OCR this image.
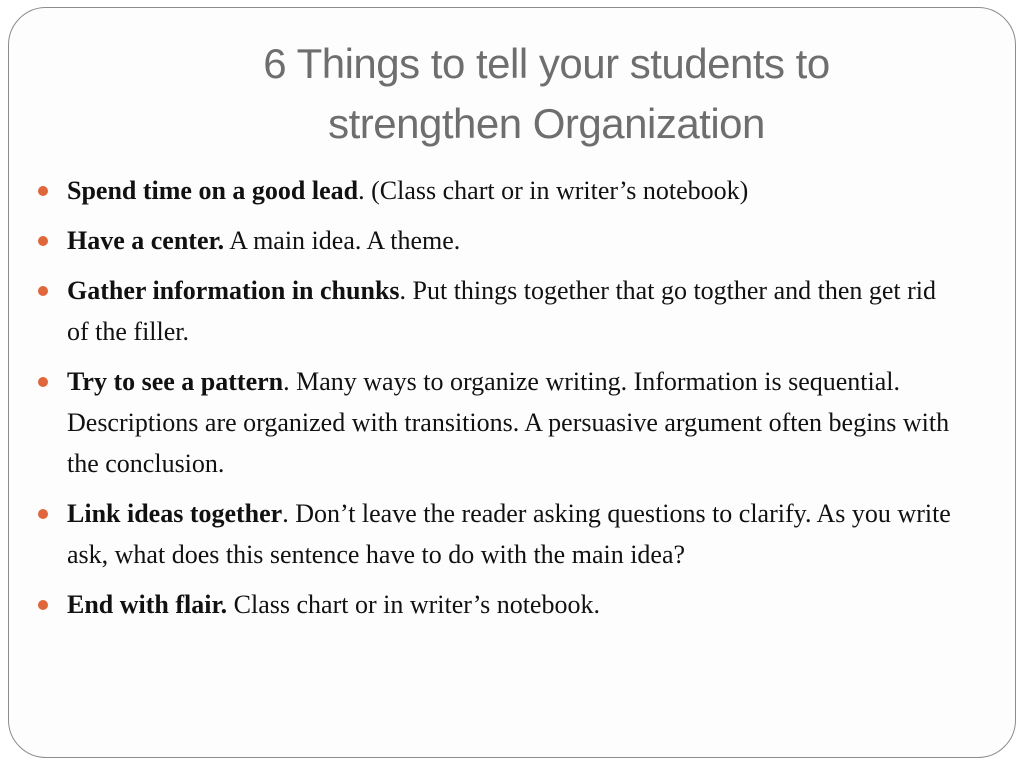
6 Things to tell your students to
strengthen Organization
Spend time on a good lead. (Class chart or in writer’s notebook)
Have a center. A main idea. A theme.
Gather information in chunks. Put things together that go togther and then get rid of the filler.
Try to see a pattern. Many ways to organize writing. Information is sequential. Descriptions are organized with transitions. A persuasive argument often begins with the conclusion.
Link ideas together. Don’t leave the reader asking questions to clarify. As you write ask, what does this sentence have to do with the main idea?
End with flair. Class chart or in writer’s notebook.
